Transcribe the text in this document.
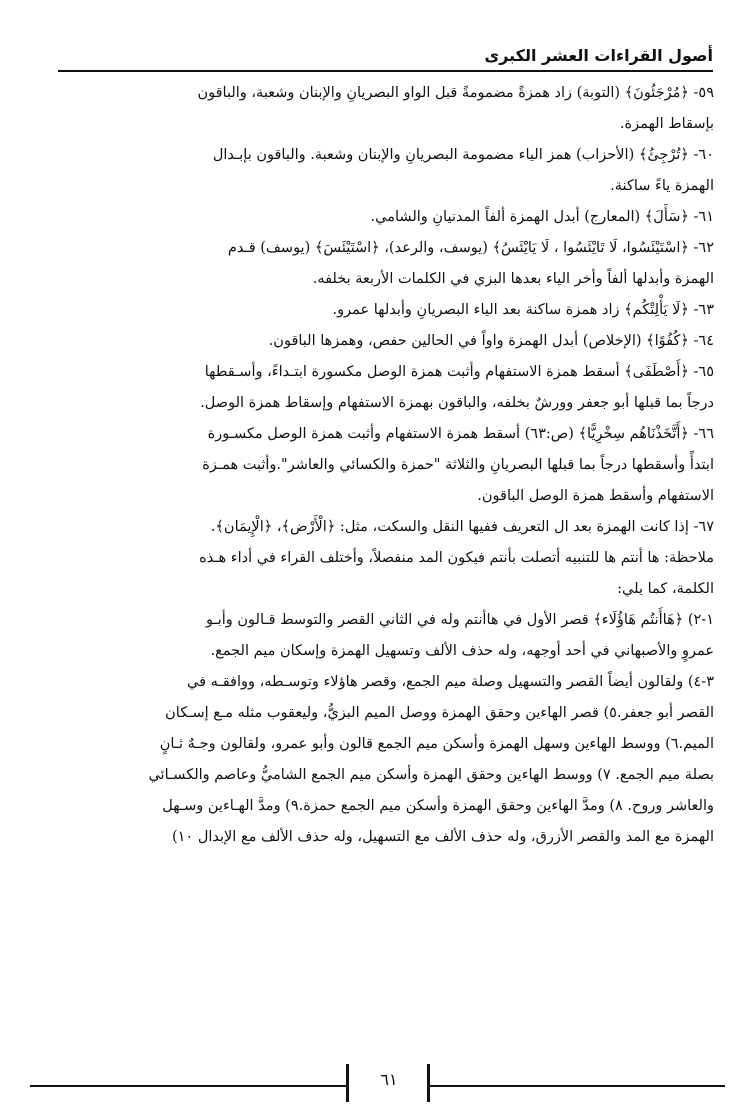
أصول القراءات العشر الكبرى

٥٩- ﴿مُرْجَئُونَ﴾ (التوبة) زاد همزةً مضمومةً قبل الواو البصريانِ والإبنان وشعبة، والباقون

بإسقاط الهمزة.

٦٠- ﴿تُرْجِئُ﴾ (الأحزاب) همز الياء مضمومة البصريانِ والإبنان وشعبة. والباقون بإبـدال

الهمزة ياءً ساكنة.

٦١- ﴿سَأَلَ﴾ (المعارج) أبدل الهمزة ألفاً المدنيانِ والشامي.

٦٢- ﴿اسْتَيْئَسُوا، لَا تَايْئَسُوا ، لَا يَايْئَسُ﴾ (يوسف، والرعد)، ﴿اسْتَيْئَسَ﴾ (يوسف) قـدم

الهمزة وأبدلها ألفاً وأخر الياء بعدها البزي في الكلمات الأربعة بخلفه.

٦٣- ﴿لَا يَأْلِتْكُم﴾ زاد همزة ساكنة بعد الياء البصريانِ وأبدلها عمرو.

٦٤- ﴿كُفُوًا﴾ (الإخلاص) أبدل الهمزة واواً في الحالين حفص، وهمزها الباقون.

٦٥- ﴿أَصْطَفَى﴾ أسقط همزة الاستفهام وأثبت همزة الوصل مكسورة ابتـداءً، وأسـقطها

درجاً بما قبلها أبو جعفر وورشٌ بخلفه، والباقون بهمزة الاستفهام وإسقاط همزة الوصل.

٦٦- ﴿أَتَّخَذْنَاهُم سِخْرِيًّا﴾ (ص:٦٣) أسقط همزة الاستفهام وأثبت همزة الوصل مكسـورة

ابتدأً وأسقطها درجاً بما قبلها البصريانِ والثلاثة "حمزة والكسائي والعاشر".وأثبت همـزة

الاستفهام وأسقط همزة الوصل الباقون.

٦٧- إذا كانت الهمزة بعد ال التعريف ففيها النقل والسكت، مثل: ﴿الْأَرْض﴾، ﴿الْإِيمَان﴾.

ملاحظة: ها أنتم ها للتنبيه أتصلت بأنتم فيكون المد منفصلاً، وأختلف القراء في أداء هـذه

الكلمة، كما يلي:

١-٢) ﴿هَاأَنتُم هَاؤُلَاء﴾ قصر الأول في هاأنتم وله في الثاني القصر والتوسط قـالون وأبـو

عمروٍ والأصبهاني في أحد أوجهه، وله حذف الألف وتسهيل الهمزة وإسكان ميم الجمع.

٣-٤) ولقالون أيضاً القصر والتسهيل وصلة ميم الجمع، وقصر هاؤلاء وتوسـطه، ووافقـه في

القصر أبو جعفر.٥) قصر الهاءين وحقق الهمزة ووصل الميم البزيُّ، وليعقوب مثله مـع إسـكان

الميم.٦) ووسط الهاءين وسهل الهمزة وأسكن ميم الجمع قالون وأبو عمرو، ولقالون وجـهٌ ثـانٍ

بصلة ميم الجمع. ٧) ووسط الهاءين وحقق الهمزة وأسكن ميم الجمع الشاميُّ وعاصم والكسـائي

والعاشر وروح. ٨) ومدَّ الهاءين وحقق الهمزة وأسكن ميم الجمع حمزة.٩) ومدَّ الهـاءين وسـهل

الهمزة مع المد والقصر الأزرق، وله حذف الألف مع التسهيل، وله حذف الألف مع الإبدال ١٠)

٦١
